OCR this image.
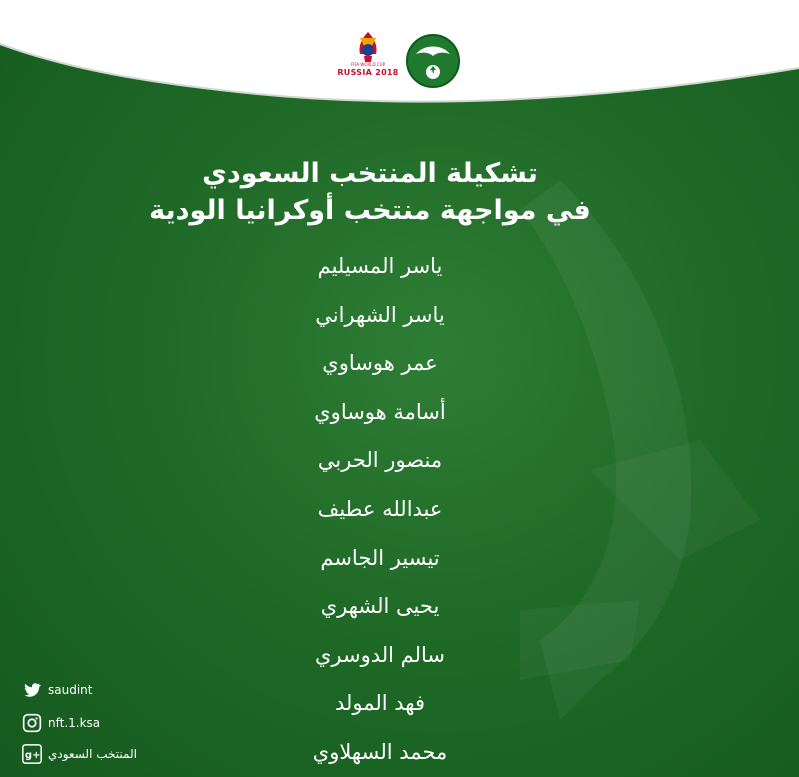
FIFA WORLD CUP
RUSSIA 2018	SAFF
تشكيلة المنتخب السعودي
في مواجهة منتخب أوكرانيا الودية
ياسر المسيليم
ياسر الشهراني
عمر هوساوي
أسامة هوساوي
منصور الحربي
عبدالله عطيف
تيسير الجاسم
يحيى الشهري
سالم الدوسري
فهد المولد
محمد السهلاوي
saudint
nft.1.ksa
g+ المنتخب السعودي
